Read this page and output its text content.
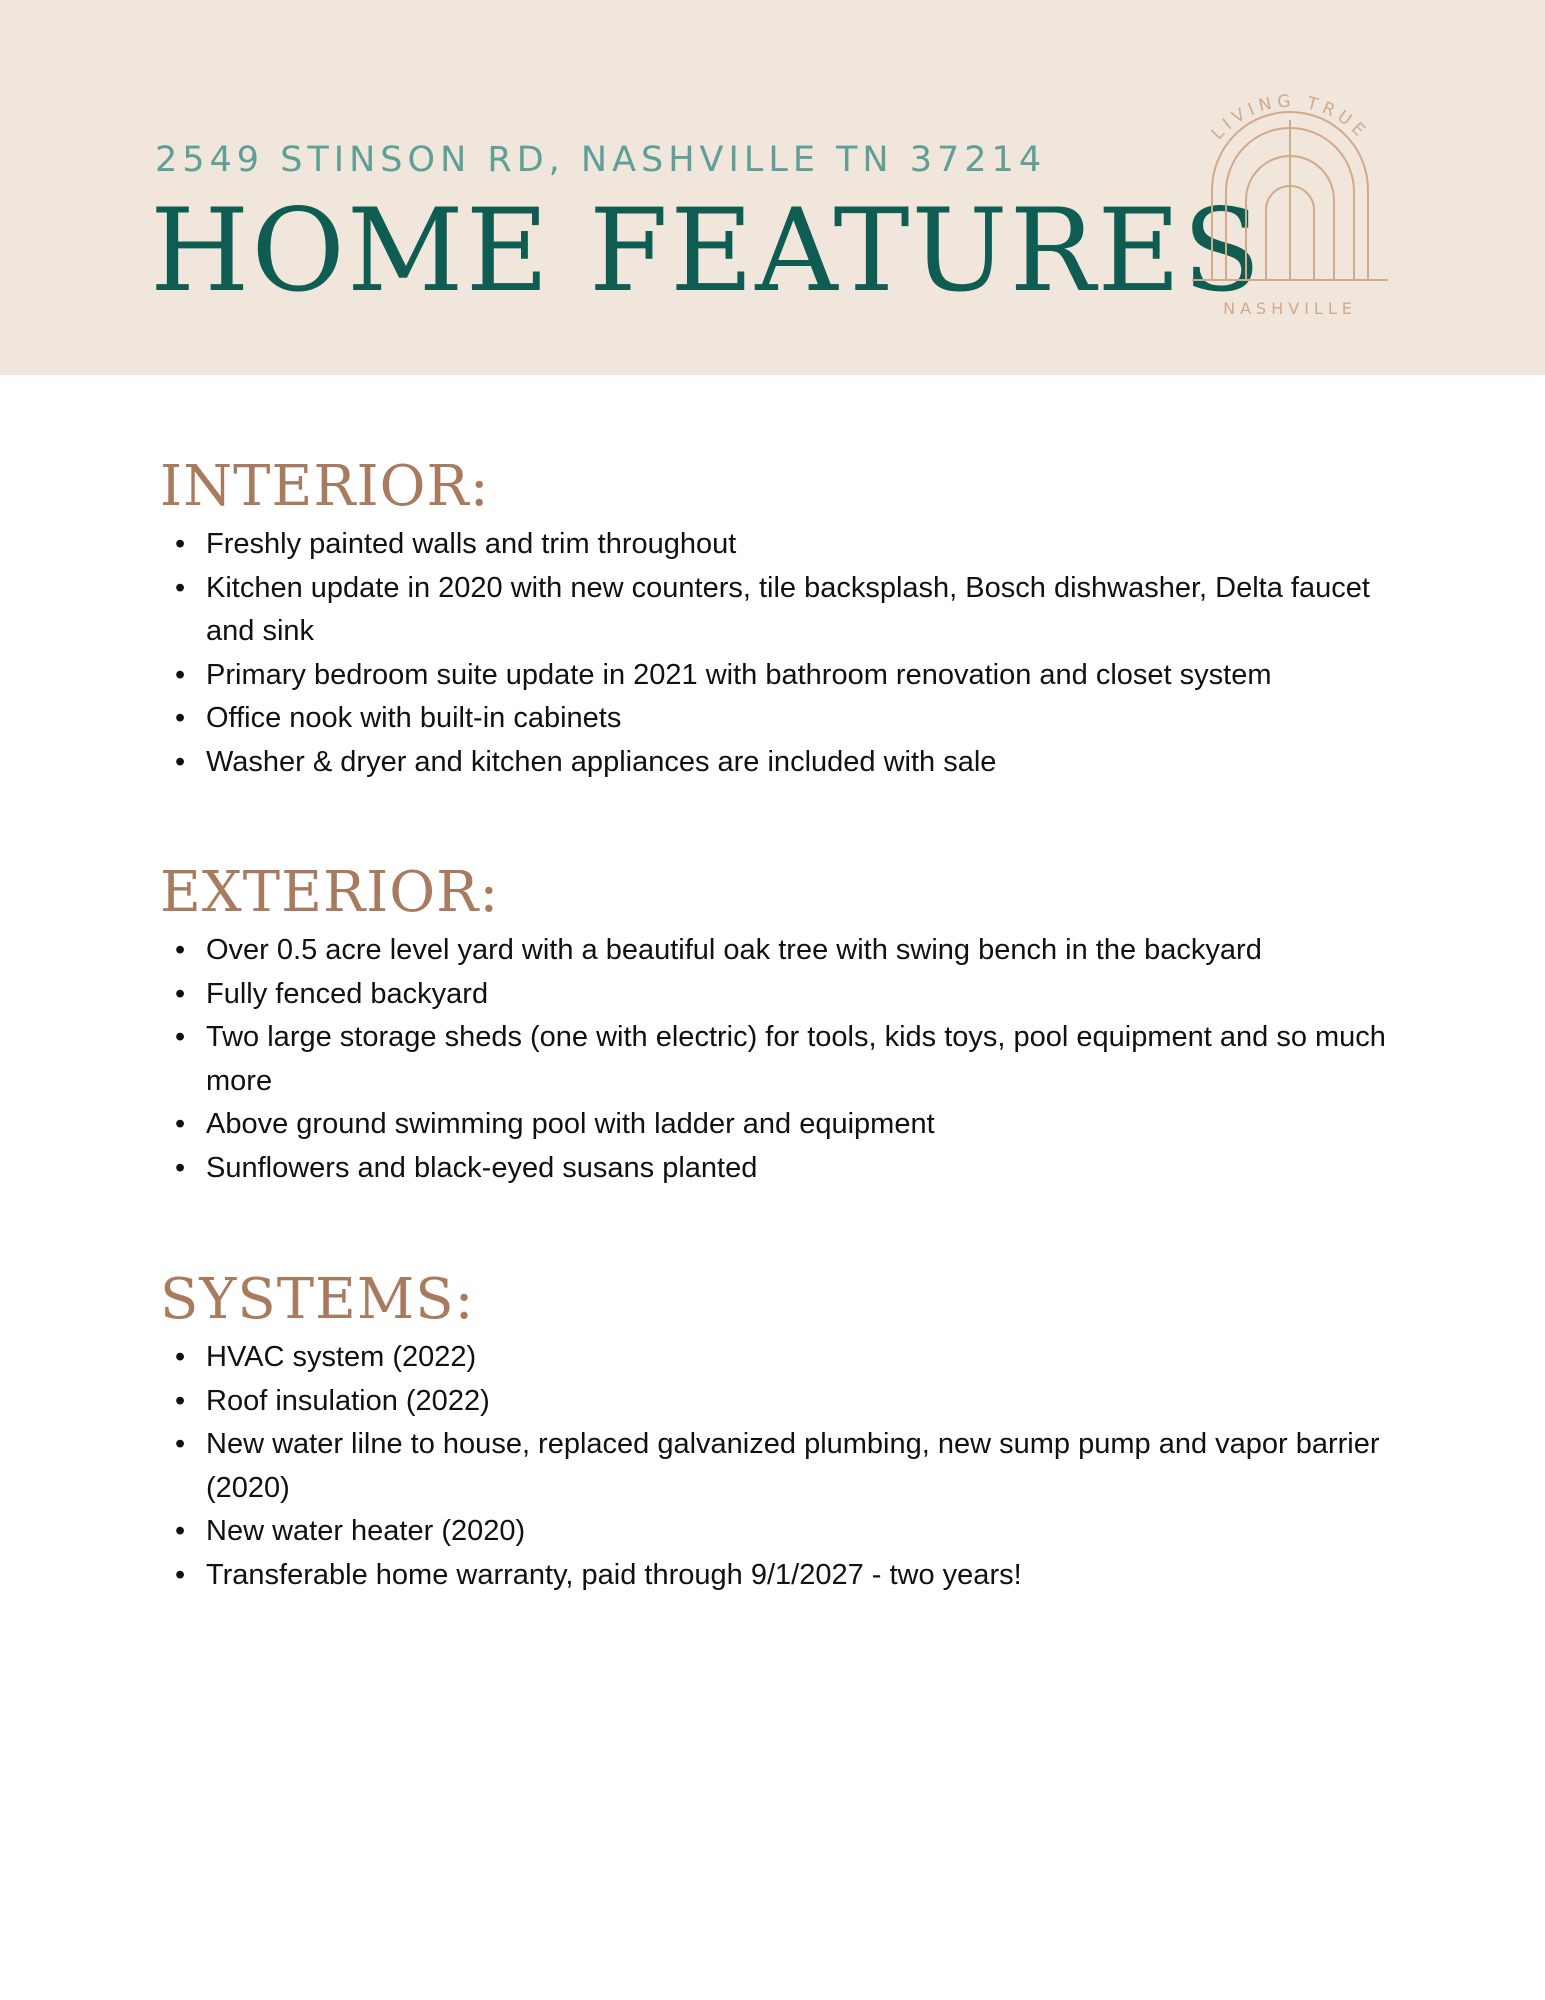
2549 STINSON RD, NASHVILLE TN 37214
HOME FEATURES
LIVING TRUE
NASHVILLE
INTERIOR:
• Freshly painted walls and trim throughout
• Kitchen update in 2020 with new counters, tile backsplash, Bosch dishwasher, Delta faucet and sink
• Primary bedroom suite update in 2021 with bathroom renovation and closet system
• Office nook with built-in cabinets
• Washer & dryer and kitchen appliances are included with sale
EXTERIOR:
• Over 0.5 acre level yard with a beautiful oak tree with swing bench in the backyard
• Fully fenced backyard
• Two large storage sheds (one with electric) for tools, kids toys, pool equipment and so much more
• Above ground swimming pool with ladder and equipment
• Sunflowers and black-eyed susans planted
SYSTEMS:
• HVAC system (2022)
• Roof insulation (2022)
• New water lilne to house, replaced galvanized plumbing, new sump pump and vapor barrier (2020)
• New water heater (2020)
• Transferable home warranty, paid through 9/1/2027 - two years!
